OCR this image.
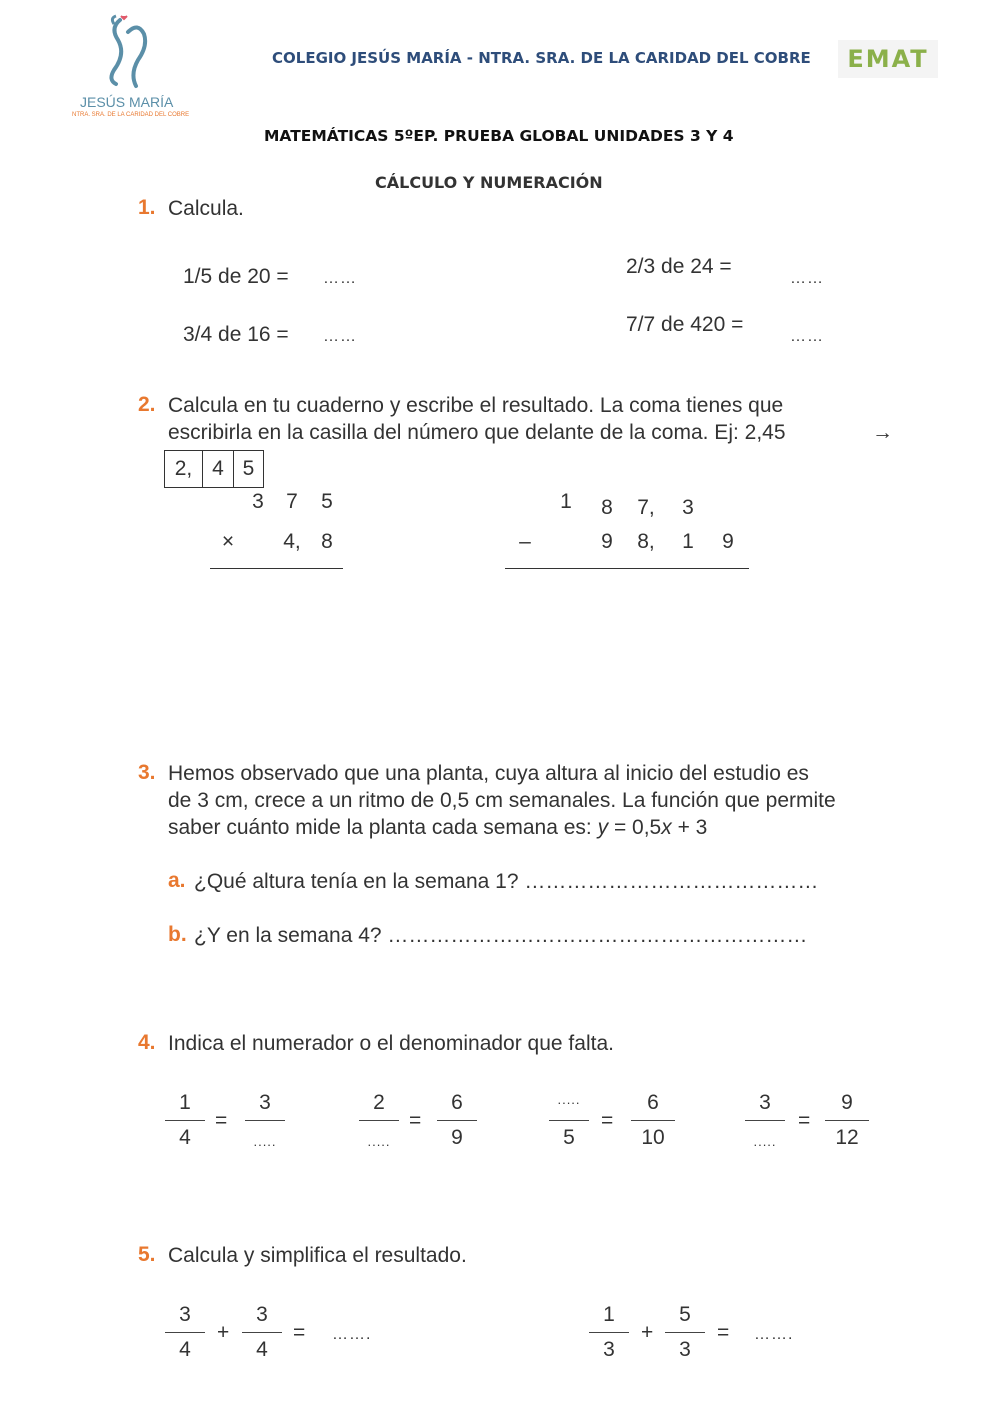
JESÚS MARÍA
NTRA. SRA. DE LA CARIDAD DEL COBRE
COLEGIO JESÚS MARÍA - NTRA. SRA. DE LA CARIDAD DEL COBRE	EMAT
MATEMÁTICAS 5ºEP. PRUEBA GLOBAL UNIDADES 3 Y 4
CÁLCULO Y NUMERACIÓN
1. Calcula.
1/5 de 20 = ……
2/3 de 24 =
……
3/4 de 16 = ……
7/7 de 420 =
……
2. Calcula en tu cuaderno y escribe el resultado. La coma tienes que
escribirla en la casilla del número que delante de la coma. Ej: 2,45	→
2, 4 5
3 7 5
× 4, 8
1 8 7, 3
–	9 8, 1 9
3. Hemos observado que una planta, cuya altura al inicio del estudio es
de 3 cm, crece a un ritmo de 0,5 cm semanales. La función que permite
saber cuánto mide la planta cada semana es: y = 0,5x + 3
a. ¿Qué altura tenía en la semana 1? ……………………………………
b. ¿Y en la semana 4? ……………………………………………………
4. Indica el numerador o el denominador que falta.
1
4
=
3
.....
2
.....
=
6
9
.....
5
=
6
10
3
.....
=
9
12
5. Calcula y simplifica el resultado.
3
4
+
3
4
= …….
1
3
+
5
3
= …….
